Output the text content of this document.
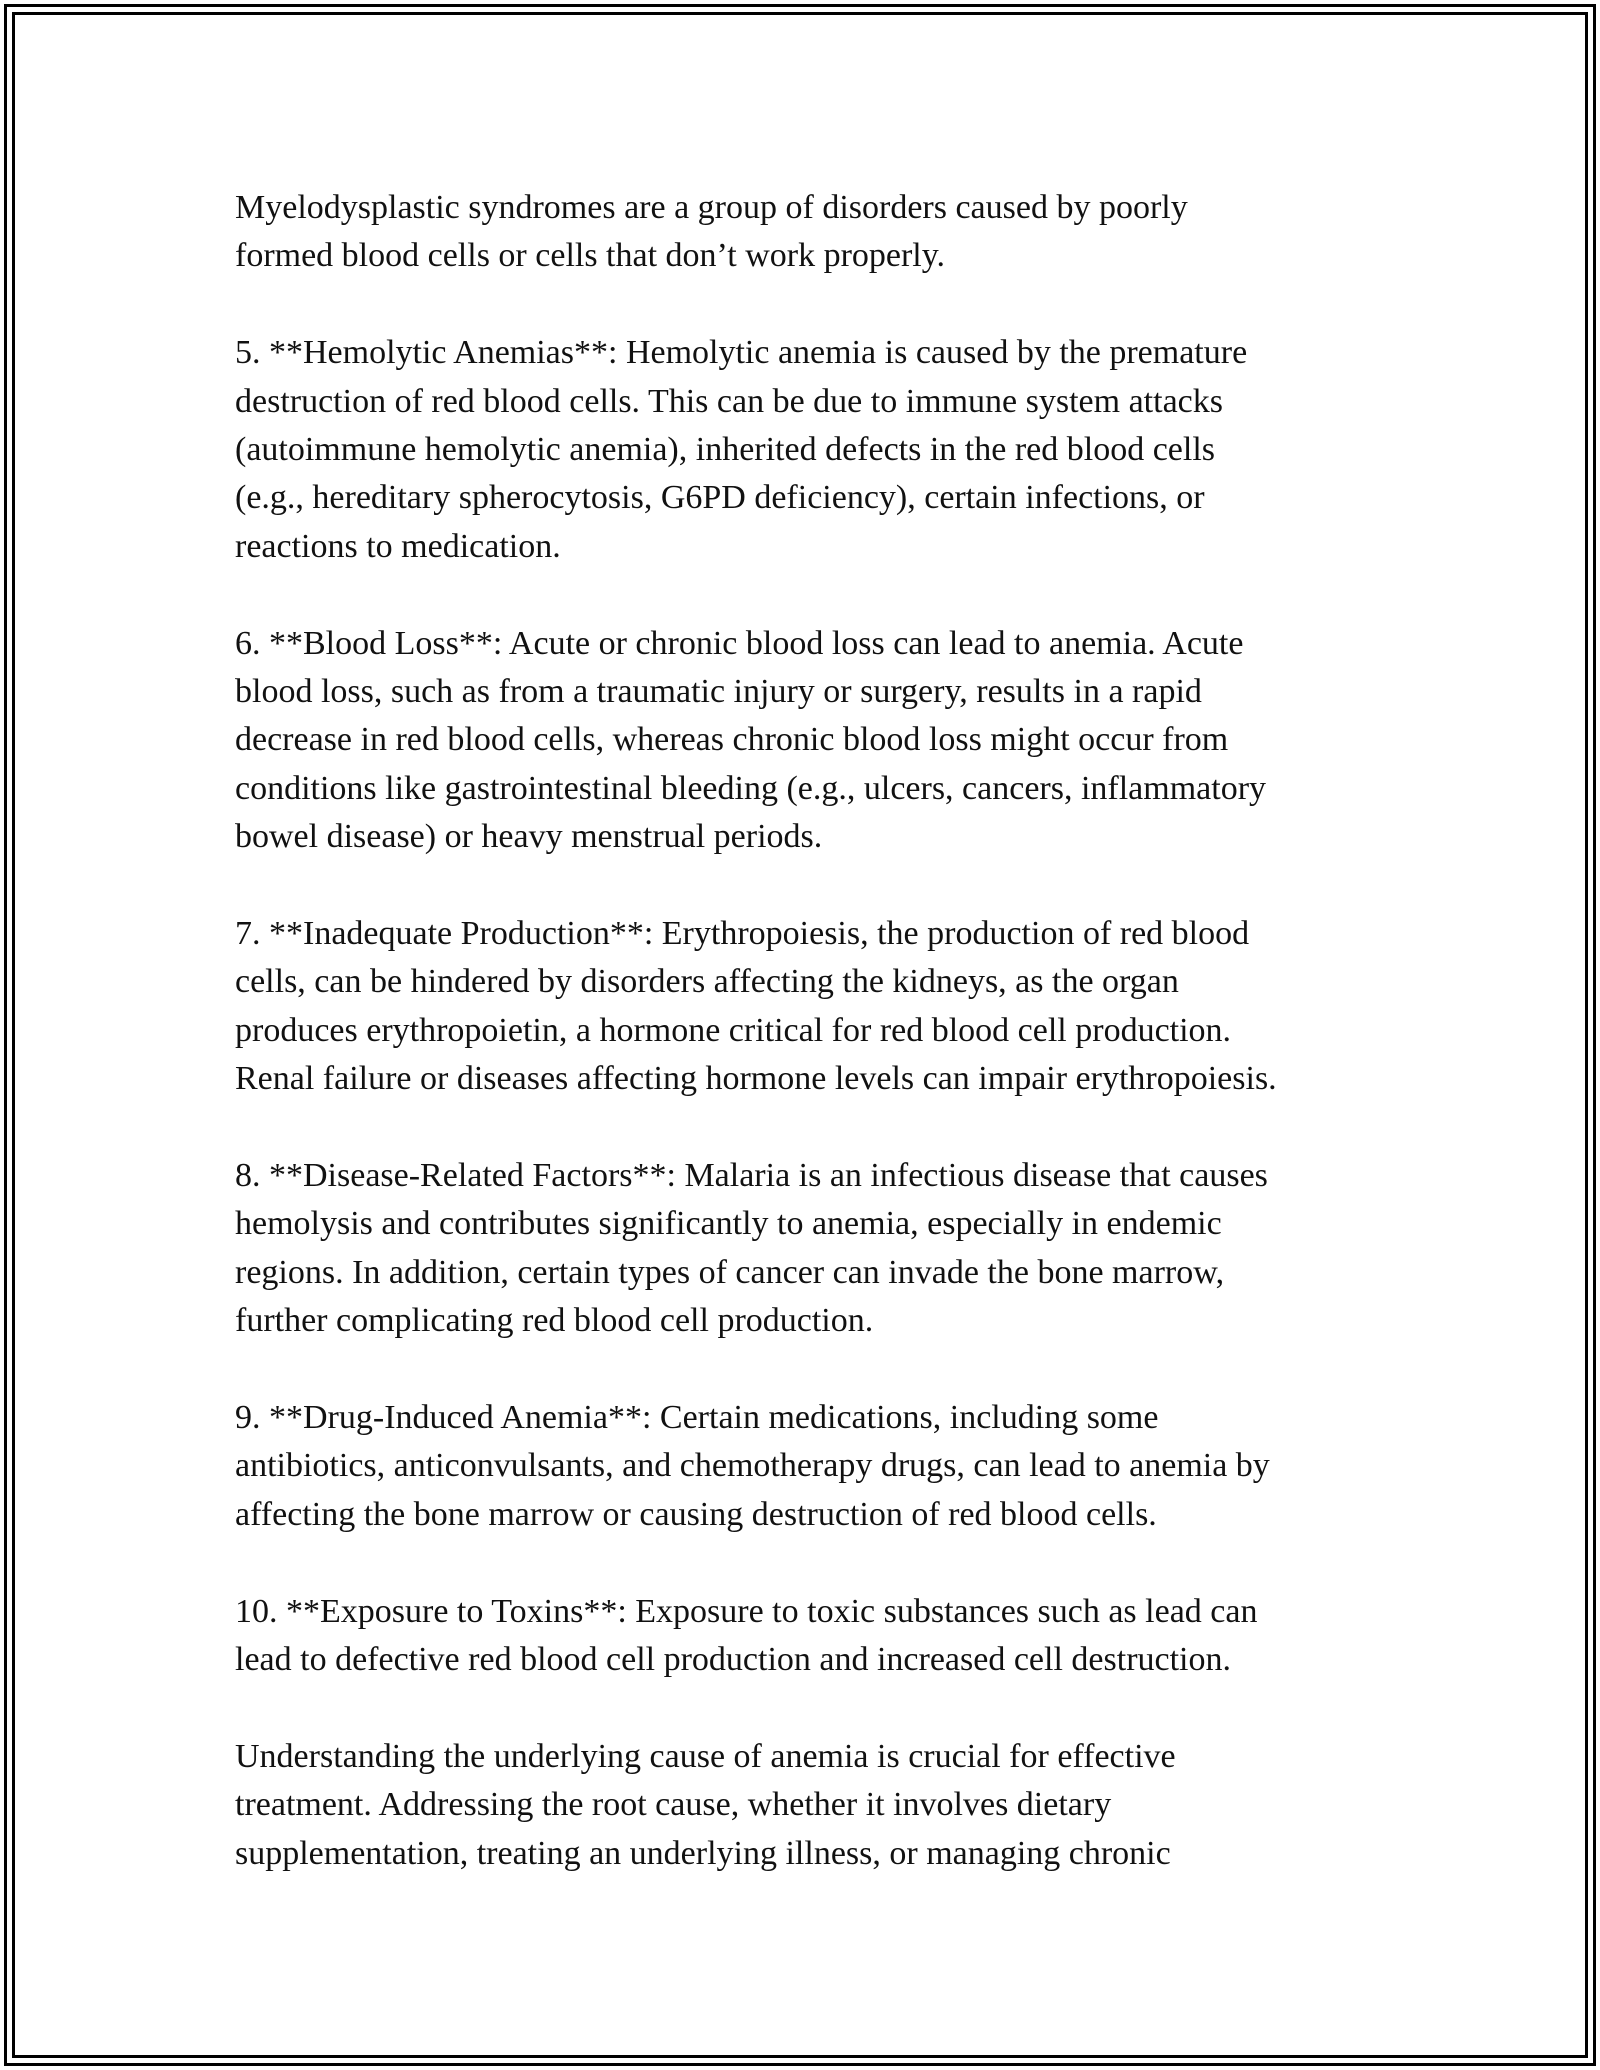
Myelodysplastic syndromes are a group of disorders caused by poorly
formed blood cells or cells that don’t work properly.

5. **Hemolytic Anemias**: Hemolytic anemia is caused by the premature
destruction of red blood cells. This can be due to immune system attacks
(autoimmune hemolytic anemia), inherited defects in the red blood cells
(e.g., hereditary spherocytosis, G6PD deficiency), certain infections, or
reactions to medication.

6. **Blood Loss**: Acute or chronic blood loss can lead to anemia. Acute
blood loss, such as from a traumatic injury or surgery, results in a rapid
decrease in red blood cells, whereas chronic blood loss might occur from
conditions like gastrointestinal bleeding (e.g., ulcers, cancers, inflammatory
bowel disease) or heavy menstrual periods.

7. **Inadequate Production**: Erythropoiesis, the production of red blood
cells, can be hindered by disorders affecting the kidneys, as the organ
produces erythropoietin, a hormone critical for red blood cell production.
Renal failure or diseases affecting hormone levels can impair erythropoiesis.

8. **Disease-Related Factors**: Malaria is an infectious disease that causes
hemolysis and contributes significantly to anemia, especially in endemic
regions. In addition, certain types of cancer can invade the bone marrow,
further complicating red blood cell production.

9. **Drug-Induced Anemia**: Certain medications, including some
antibiotics, anticonvulsants, and chemotherapy drugs, can lead to anemia by
affecting the bone marrow or causing destruction of red blood cells.

10. **Exposure to Toxins**: Exposure to toxic substances such as lead can
lead to defective red blood cell production and increased cell destruction.

Understanding the underlying cause of anemia is crucial for effective
treatment. Addressing the root cause, whether it involves dietary
supplementation, treating an underlying illness, or managing chronic
